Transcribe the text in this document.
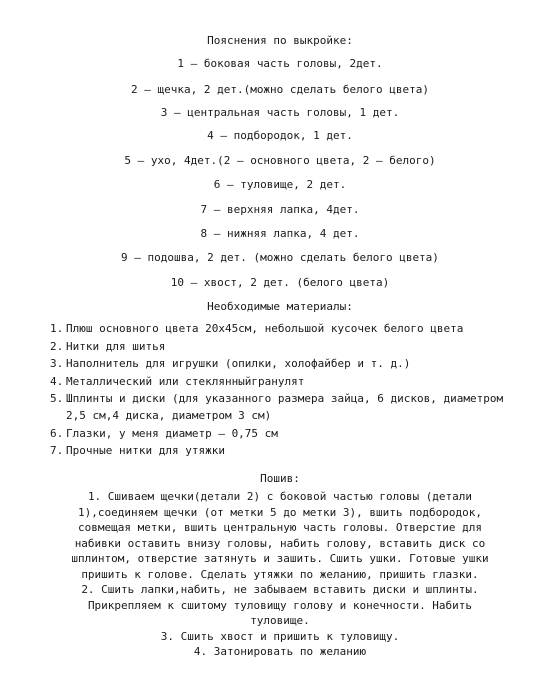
Пояснения по выкройке:
1 – боковая часть головы, 2дет.
2 – щечка, 2 дет.(можно сделать белого цвета)
3 – центральная часть головы, 1 дет.
4 – подбородок, 1 дет.
5 – ухо, 4дет.(2 – основного цвета, 2 – белого)
6 – туловище, 2 дет.
7 – верхняя лапка, 4дет.
8 – нижняя лапка, 4 дет.
9 – подошва, 2 дет. (можно сделать белого цвета)
10 – хвост, 2 дет. (белого цвета)
Необходимые материалы:
1. Плюш основного цвета 20х45см, небольшой кусочек белого цвета
2. Нитки для шитья
3. Наполнитель для игрушки (опилки, холофайбер и т. д.)
4. Металлический или стеклянныйгранулят
5. Шплинты и диски (для указанного размера зайца, 6 дисков, диаметром
2,5 см,4 диска, диаметром 3 см)
6. Глазки, у меня диаметр – 0,75 см
7. Прочные нитки для утяжки
Пошив:
1. Сшиваем щечки(детали 2) с боковой частью головы (детали
1),соединяем щечки (от метки 5 до метки 3), вшить подбородок,
совмещая метки, вшить центральную часть головы. Отверстие для
набивки оставить внизу головы, набить голову, вставить диск со
шплинтом, отверстие затянуть и зашить. Сшить ушки. Готовые ушки
пришить к голове. Сделать утяжки по желанию, пришить глазки.
2. Сшить лапки,набить, не забываем вставить диски и шплинты.
Прикрепляем к сшитому туловищу голову и конечности. Набить
туловище.
3. Сшить хвост и пришить к туловищу.
4. Затонировать по желанию
